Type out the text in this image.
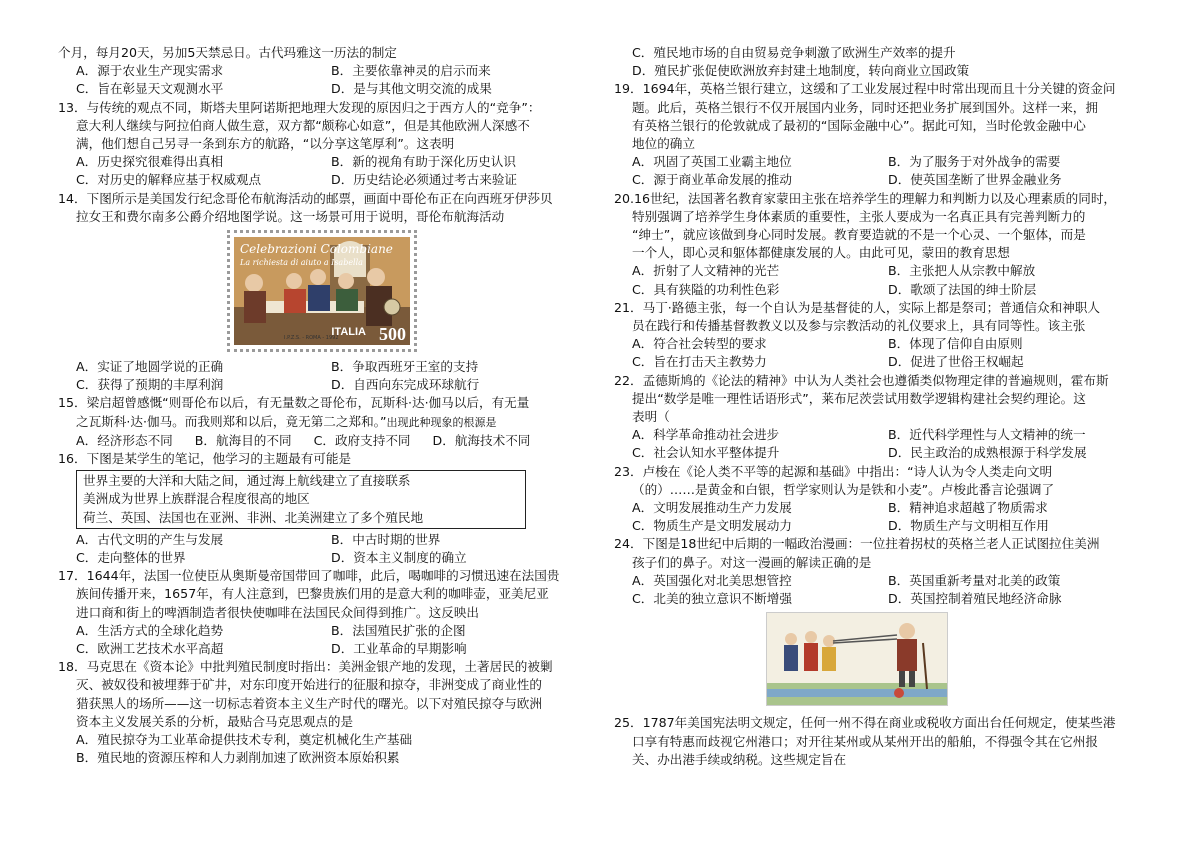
个月，每月20天，另加5天禁忌日。古代玛雅这一历法的制定

A．源于农业生产现实需求	B．主要依靠神灵的启示而来
C．旨在彰显天文观测水平	D．是与其他文明交流的成果

13．与传统的观点不同，斯塔夫里阿诺斯把地理大发现的原因归之于西方人的“竞争”：

意大利人继续与阿拉伯商人做生意，双方都“颇称心如意”，但是其他欧洲人深感不

满，他们想自己另寻一条到东方的航路，“以分享这笔厚利”。这表明

A．历史探究很难得出真相	B．新的视角有助于深化历史认识
C．对历史的解释应基于权威观点	D．历史结论必须通过考古来验证

14．下图所示是美国发行纪念哥伦布航海活动的邮票，画面中哥伦布正在向西班牙伊莎贝

拉女王和费尔南多公爵介绍地图学说。这一场景可用于说明，哥伦布航海活动

Celebrazioni Colombiane
La richiesta di aiuto a Isabella
ITALIA 500
I.P.Z.S. - ROMA - 1992
A．实证了地圆学说的正确	B．争取西班牙王室的支持
C．获得了预期的丰厚利润	D．自西向东完成环球航行

15．梁启超曾感慨“则哥伦布以后，有无量数之哥伦布，瓦斯科·达·伽马以后，有无量

之瓦斯科·达·伽马。而我则郑和以后，竟无第二之郑和。”出现此种现象的根源是

A．经济形态不同 B．航海目的不同 C．政府支持不同 D．航海技术不同

16．下图是某学生的笔记，他学习的主题最有可能是

世界主要的大洋和大陆之间，通过海上航线建立了直接联系
美洲成为世界上族群混合程度很高的地区
荷兰、英国、法国也在亚洲、非洲、北美洲建立了多个殖民地
A．古代文明的产生与发展	B．中古时期的世界
C．走向整体的世界	D．资本主义制度的确立

17．1644年，法国一位使臣从奥斯曼帝国带回了咖啡，此后，喝咖啡的习惯迅速在法国贵

族间传播开来，1657年，有人注意到，巴黎贵族们用的是意大利的咖啡壶，亚美尼亚

进口商和街上的啤酒制造者很快使咖啡在法国民众间得到推广。这反映出

A．生活方式的全球化趋势	B．法国殖民扩张的企图
C．欧洲工艺技术水平高超	D．工业革命的早期影响

18．马克思在《资本论》中批判殖民制度时指出：美洲金银产地的发现，土著居民的被剿

灭、被奴役和被埋葬于矿井，对东印度开始进行的征服和掠夺，非洲变成了商业性的

猎获黑人的场所——这一切标志着资本主义生产时代的曙光。以下对殖民掠夺与欧洲

资本主义发展关系的分析，最贴合马克思观点的是

A．殖民掠夺为工业革命提供技术专利，奠定机械化生产基础

B．殖民地的资源压榨和人力剥削加速了欧洲资本原始积累

C．殖民地市场的自由贸易竞争刺激了欧洲生产效率的提升

D．殖民扩张促使欧洲放弃封建土地制度，转向商业立国政策

19．1694年，英格兰银行建立，这缓和了工业发展过程中时常出现而且十分关键的资金问

题。此后，英格兰银行不仅开展国内业务，同时还把业务扩展到国外。这样一来，拥

有英格兰银行的伦敦就成了最初的“国际金融中心”。据此可知，当时伦敦金融中心

地位的确立

A．巩固了英国工业霸主地位	B．为了服务于对外战争的需要
C．源于商业革命发展的推动	D．使英国垄断了世界金融业务

20.16世纪，法国著名教育家蒙田主张在培养学生的理解力和判断力以及心理素质的同时，

特别强调了培养学生身体素质的重要性，主张人要成为一名真正具有完善判断力的

“绅士”，就应该做到身心同时发展。教育要造就的不是一个心灵、一个躯体，而是

一个人，即心灵和躯体都健康发展的人。由此可见，蒙田的教育思想

A．折射了人文精神的光芒	B．主张把人从宗教中解放
C．具有狭隘的功利性色彩	D．歌颂了法国的绅士阶层

21．马丁·路德主张，每一个自认为是基督徒的人，实际上都是祭司；普通信众和神职人

员在践行和传播基督教教义以及参与宗教活动的礼仪要求上，具有同等性。该主张

A．符合社会转型的要求	B．体现了信仰自由原则
C．旨在打击天主教势力	D．促进了世俗王权崛起

22．孟德斯鸠的《论法的精神》中认为人类社会也遵循类似物理定律的普遍规则，霍布斯

提出“数学是唯一理性话语形式”，莱布尼茨尝试用数学逻辑构建社会契约理论。这

表明（

A．科学革命推动社会进步	B．近代科学理性与人文精神的统一
C．社会认知水平整体提升	D．民主政治的成熟根源于科学发展

23．卢梭在《论人类不平等的起源和基础》中指出：“诗人认为令人类走向文明

（的）……是黄金和白银，哲学家则认为是铁和小麦”。卢梭此番言论强调了

A．文明发展推动生产力发展	B．精神追求超越了物质需求
C．物质生产是文明发展动力	D．物质生产与文明相互作用

24．下图是18世纪中后期的一幅政治漫画：一位拄着拐杖的英格兰老人正试图拉住美洲

孩子们的鼻子。对这一漫画的解读正确的是

A．英国强化对北美思想管控	B．英国重新考量对北美的政策
C．北美的独立意识不断增强	D．英国控制着殖民地经济命脉

25．1787年美国宪法明文规定，任何一州不得在商业或税收方面出台任何规定，使某些港

口享有特惠而歧视它州港口；对开往某州或从某州开出的船舶，不得强令其在它州报

关、办出港手续或纳税。这些规定旨在
